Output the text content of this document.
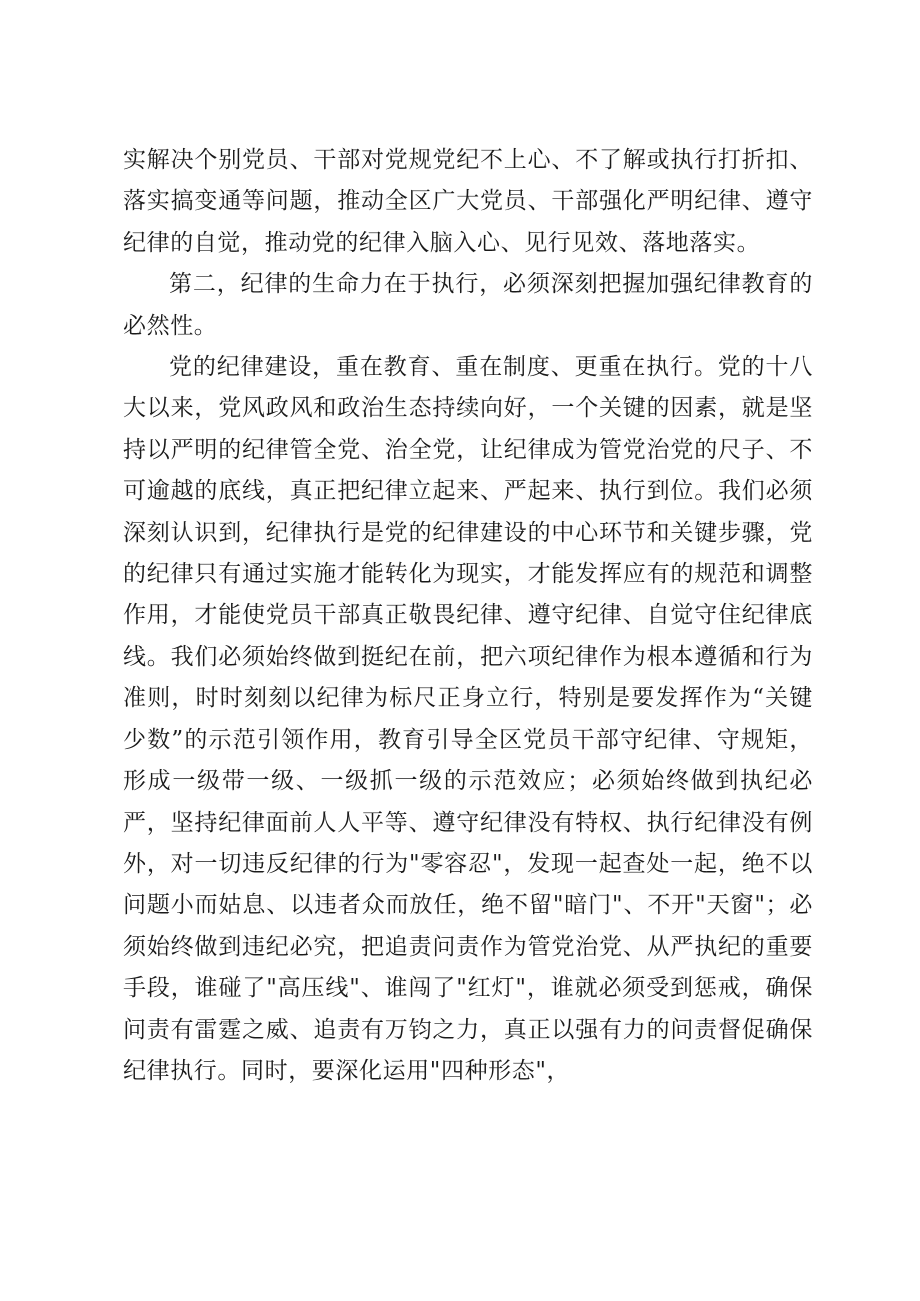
实解决个别党员、干部对党规党纪不上心、不了解或执行打折扣、落实搞变通等问题，推动全区广大党员、干部强化严明纪律、遵守纪律的自觉，推动党的纪律入脑入心、见行见效、落地落实。

第二，纪律的生命力在于执行，必须深刻把握加强纪律教育的必然性。

党的纪律建设，重在教育、重在制度、更重在执行。党的十八大以来，党风政风和政治生态持续向好，一个关键的因素，就是坚持以严明的纪律管全党、治全党，让纪律成为管党治党的尺子、不可逾越的底线，真正把纪律立起来、严起来、执行到位。我们必须深刻认识到，纪律执行是党的纪律建设的中心环节和关键步骤，党的纪律只有通过实施才能转化为现实，才能发挥应有的规范和调整作用，才能使党员干部真正敬畏纪律、遵守纪律、自觉守住纪律底线。我们必须始终做到挺纪在前，把六项纪律作为根本遵循和行为准则，时时刻刻以纪律为标尺正身立行，特别是要发挥作为“关键少数”的示范引领作用，教育引导全区党员干部守纪律、守规矩，形成一级带一级、一级抓一级的示范效应；必须始终做到执纪必严，坚持纪律面前人人平等、遵守纪律没有特权、执行纪律没有例外，对一切违反纪律的行为"零容忍"，发现一起查处一起，绝不以问题小而姑息、以违者众而放任，绝不留"暗门"、不开"天窗"；必须始终做到违纪必究，把追责问责作为管党治党、从严执纪的重要手段，谁碰了"高压线"、谁闯了"红灯"，谁就必须受到惩戒，确保问责有雷霆之威、追责有万钧之力，真正以强有力的问责督促确保纪律执行。同时，要深化运用"四种形态"，
